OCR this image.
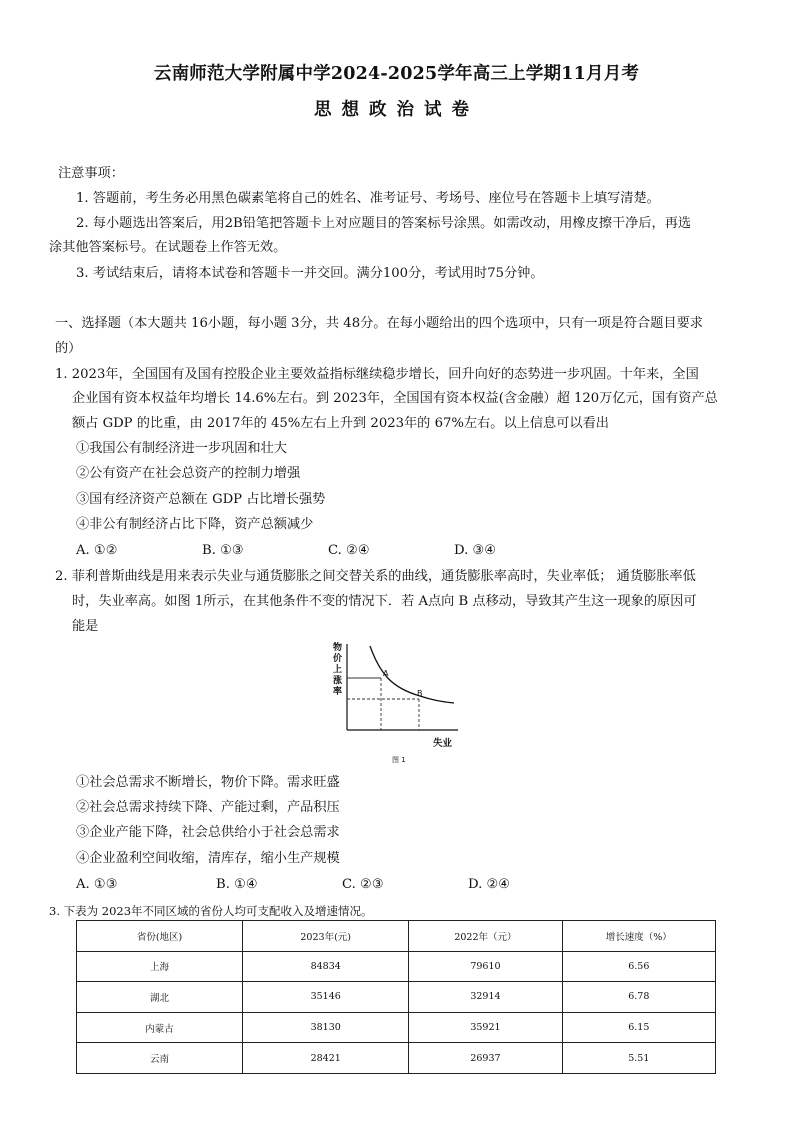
云南师范大学附属中学2024-2025学年高三上学期11月月考
思想政治试卷
注意事项：
1. 答题前，考生务必用黑色碳素笔将自己的姓名、准考证号、考场号、座位号在答题卡上填写清楚。
2. 每小题选出答案后，用2B铅笔把答题卡上对应题目的答案标号涂黑。如需改动，用橡皮擦干净后，再选
涂其他答案标号。在试题卷上作答无效。
3. 考试结束后，请将本试卷和答题卡一并交回。满分100分，考试用时75分钟。
一、选择题（本大题共 16小题，每小题 3分，共 48分。在每小题给出的四个选项中，只有一项是符合题目要求
的）
1. 2023年，全国国有及国有控股企业主要效益指标继续稳步增长，回升向好的态势进一步巩固。十年来，全国
企业国有资本权益年均增长 14.6%左右。到 2023年，全国国有资本权益(含金融）超 120万亿元，国有资产总
额占 GDP 的比重，由 2017年的 45%左右上升到 2023年的 67%左右。以上信息可以看出
①我国公有制经济进一步巩固和壮大
②公有资产在社会总资产的控制力增强
③国有经济资产总额在 GDP 占比增长强势
④非公有制经济占比下降，资产总额减少
A. ①②	B. ①③	C. ②④	D. ③④
2. 菲利普斯曲线是用来表示失业与通货膨胀之间交替关系的曲线，通货膨胀率高时，失业率低； 通货膨胀率低
时，失业率高。如图 1所示，在其他条件不变的情况下．若 A点向 B 点移动，导致其产生这一现象的原因可
能是
物
价
上
涨
率
A
B
失业
图 1
①社会总需求不断增长，物价下降。需求旺盛
②社会总需求持续下降、产能过剩，产品积压
③企业产能下降，社会总供给小于社会总需求
④企业盈利空间收缩，清库存，缩小生产规模
A. ①③	B. ①④	C. ②③	D. ②④
3. 下表为 2023年不同区域的省份人均可支配收入及增速情况。
省份(地区)	2023年(元)	2022年（元）	增长速度（%）
上海	84834	79610	6.56
湖北	35146	32914	6.78
内蒙古	38130	35921	6.15
云南	28421	26937	5.51
